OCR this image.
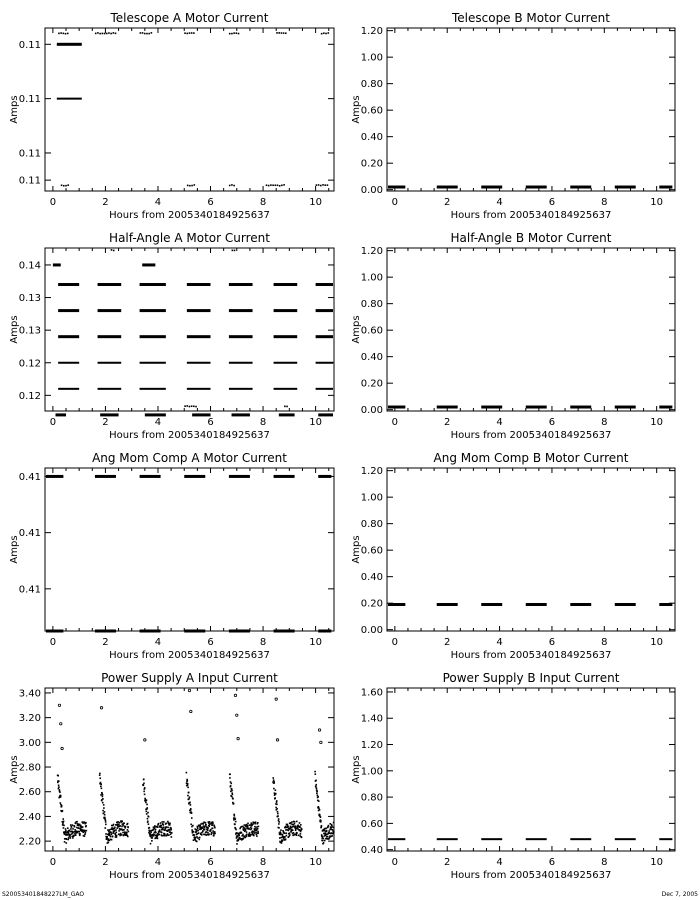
Telescope A Motor Current
Hours from 2005340184925637
Amps
0	2	4	6	8	10
0.11
0.11
0.11
0.11
Telescope B Motor Current
Hours from 2005340184925637
Amps
0	2	4	6	8	10
0.00
0.20
0.40
0.60
0.80
1.00
1.20
Half-Angle A Motor Current
Hours from 2005340184925637
Amps
0	2	4	6	8	10
0.12
0.12
0.13
0.13
0.14
Half-Angle B Motor Current
Hours from 2005340184925637
Amps
0	2	4	6	8	10
0.00
0.20
0.40
0.60
0.80
1.00
1.20
Ang Mom Comp A Motor Current
Hours from 2005340184925637
Amps
0	2	4	6	8	10
0.41
0.41
0.41
Ang Mom Comp B Motor Current
Hours from 2005340184925637
Amps
0	2	4	6	8	10
0.00
0.20
0.40
0.60
0.80
1.00
1.20
Power Supply A Input Current
Hours from 2005340184925637
Amps
0	2	4	6	8	10
2.20
2.40
2.60
2.80
3.00
3.20
3.40
Power Supply B Input Current
Hours from 2005340184925637
Amps
0	2	4	6	8	10
0.40
0.60
0.80
1.00
1.20
1.40
1.60
S20053401848227LM_GAO	Dec 7, 2005
